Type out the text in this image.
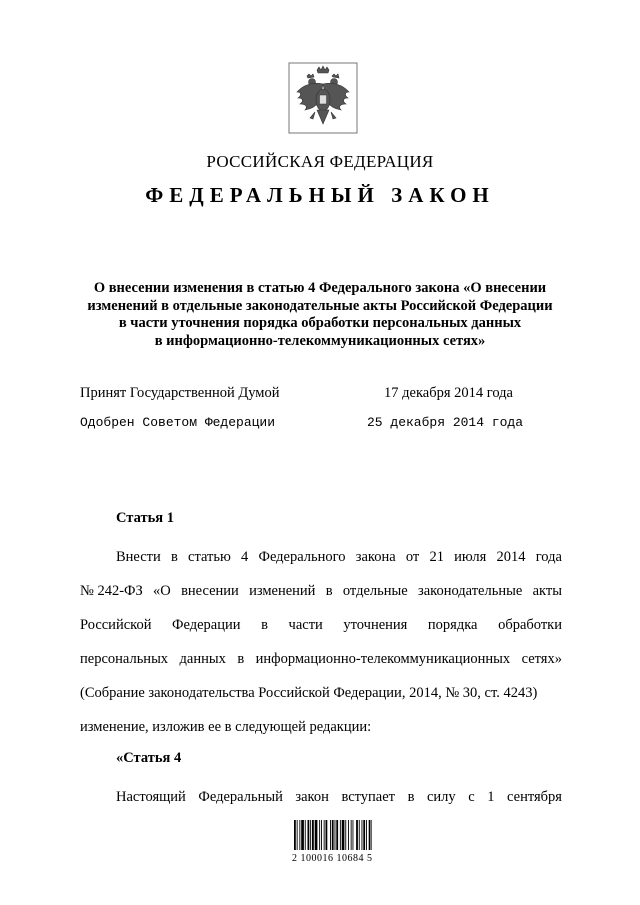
РОССИЙСКАЯ ФЕДЕРАЦИЯ
ФЕДЕРАЛЬНЫЙ ЗАКОН
О внесении изменения в статью 4 Федерального закона «О внесении
изменений в отдельные законодательные акты Российской Федерации
в части уточнения порядка обработки персональных данных
в информационно-телекоммуникационных сетях»
Принят Государственной Думой	17 декабря 2014 года
Одобрен Советом Федерации	25 декабря 2014 года
Статья 1
Внести в статью 4 Федерального закона от 21 июля 2014 года
№ 242-ФЗ «О внесении изменений в отдельные законодательные акты
Российской Федерации в части уточнения порядка обработки
персональных данных в информационно-телекоммуникационных сетях»
(Собрание законодательства Российской Федерации, 2014, № 30, ст. 4243)
изменение, изложив ее в следующей редакции:
«Статья 4
Настоящий Федеральный закон вступает в силу с 1 сентября
2 100016 10684 5
